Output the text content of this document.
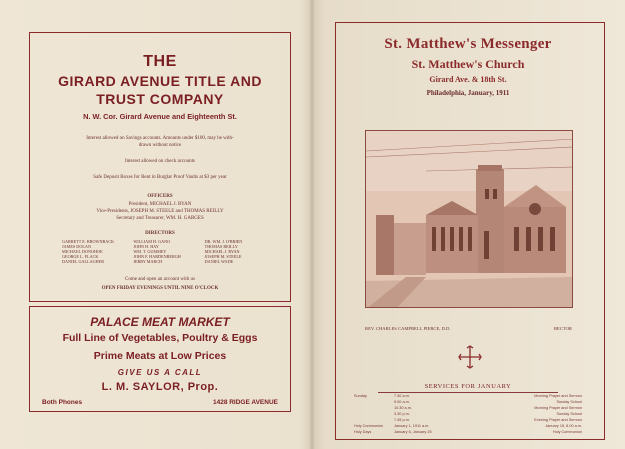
THE
GIRARD AVENUE TITLE AND
TRUST COMPANY
N. W. Cor. Girard Avenue and Eighteenth St.
Interest allowed on Savings accounts. Amounts under $100, may be with-
drawn without notice
Interest allowed on check accounts
Safe Deposit Boxes for Rent in Burglar Proof Vaults at $3 per year
OFFICERS
President, MICHAEL J. RYAN
Vice-Presidents, JOSEPH M. STEELE and THOMAS REILLY
Secretary and Treasurer, WM. H. GARGES
DIRECTORS
GARRETT E. BROWNBACK	WILLIAM H. GANO	DR. WM. J. O'BRIEN
JAMES DOLAN	JOHN H. HAY	THOMAS REILLY
MICHAEL DONOHOE	WM. T. GUMMEY	MICHAEL J. RYAN
GEORGE L. FLACK	JOHN F. HARDENBERGH	JOSEPH M. STEELE
DANIEL GALLAGHER	JERRY MARCH	DANIEL WADE
Come and open an account with us
OPEN FRIDAY EVENINGS UNTIL NINE O'CLOCK
PALACE MEAT MARKET
Full Line of Vegetables, Poultry & Eggs
Prime Meats at Low Prices
GIVE US A CALL
L. M. SAYLOR, Prop.
Both Phones	1428 RIDGE AVENUE
St. Matthew's Messenger
St. Matthew's Church
Girard Ave. & 18th St.
Philadelphia, January, 1911
REV. CHARLES CAMPBELL PIERCE, D.D.	RECTOR
SERVICES FOR JANUARY
Sunday	7.30 a.m.	Morning Prayer and Sermon
9.00 a.m.	Sunday School
10.30 a.m.	Morning Prayer and Sermon
3.30 p.m.	Sunday School
7.45 p.m.	Evening Prayer and Sermon
Holy Communion	January 1, 1911 a.m.	January 15, 8.00 a.m.
Holy Days	January 6, January 25	Holy Communion
